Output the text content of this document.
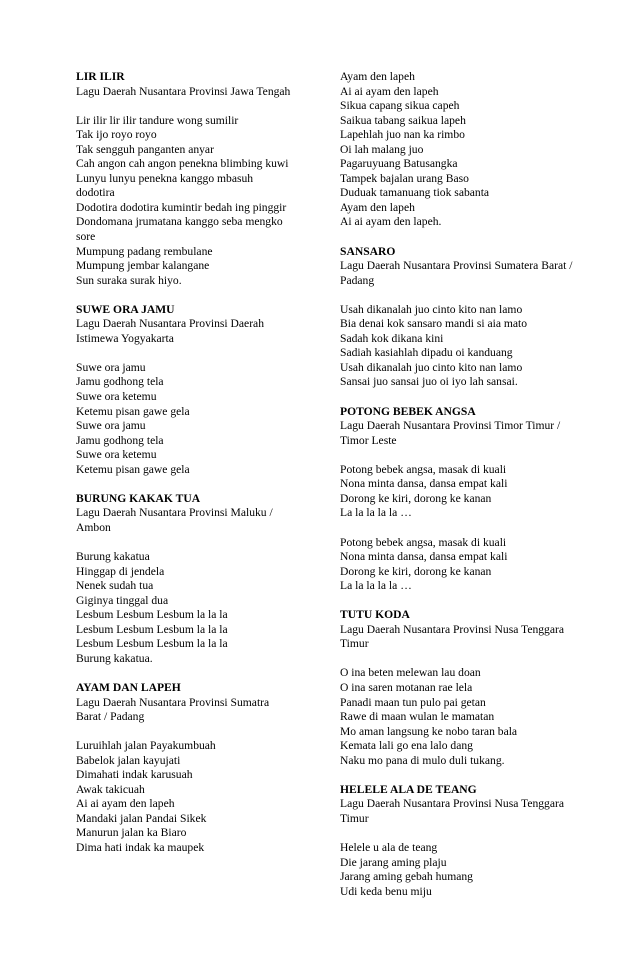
LIR ILIR
Lagu Daerah Nusantara Provinsi Jawa Tengah
Lir ilir lir ilir tandure wong sumilir
Tak ijo royo royo
Tak sengguh panganten anyar
Cah angon cah angon penekna blimbing kuwi
Lunyu lunyu penekna kanggo mbasuh dodotira
Dodotira dodotira kumintir bedah ing pinggir
Dondomana jrumatana kanggo seba mengko sore
Mumpung padang rembulane
Mumpung jembar kalangane
Sun suraka surak hiyo.
SUWE ORA JAMU
Lagu Daerah Nusantara Provinsi Daerah Istimewa Yogyakarta
Suwe ora jamu
Jamu godhong tela
Suwe ora ketemu
Ketemu pisan gawe gela
Suwe ora jamu
Jamu godhong tela
Suwe ora ketemu
Ketemu pisan gawe gela
BURUNG KAKAK TUA
Lagu Daerah Nusantara Provinsi Maluku / Ambon
Burung kakatua
Hinggap di jendela
Nenek sudah tua
Giginya tinggal dua
Lesbum Lesbum Lesbum la la la
Lesbum Lesbum Lesbum la la la
Lesbum Lesbum Lesbum la la la
Burung kakatua.
AYAM DAN LAPEH
Lagu Daerah Nusantara Provinsi Sumatra Barat / Padang
Luruihlah jalan Payakumbuah
Babelok jalan kayujati
Dimahati indak karusuah
Awak takicuah
Ai ai ayam den lapeh
Mandaki jalan Pandai Sikek
Manurun jalan ka Biaro
Dima hati indak ka maupek
Ayam den lapeh
Ai ai ayam den lapeh
Sikua capang sikua capeh
Saikua tabang saikua lapeh
Lapehlah juo nan ka rimbo
Oi lah malang juo
Pagaruyuang Batusangka
Tampek bajalan urang Baso
Duduak tamanuang tiok sabanta
Ayam den lapeh
Ai ai ayam den lapeh.
SANSARO
Lagu Daerah Nusantara Provinsi Sumatera Barat / Padang
Usah dikanalah juo cinto kito nan lamo
Bia denai kok sansaro mandi si aia mato
Sadah kok dikana kini
Sadiah kasiahlah dipadu oi kanduang
Usah dikanalah juo cinto kito nan lamo
Sansai juo sansai juo oi iyo lah sansai.
POTONG BEBEK ANGSA
Lagu Daerah Nusantara Provinsi Timor Timur / Timor Leste
Potong bebek angsa, masak di kuali
Nona minta dansa, dansa empat kali
Dorong ke kiri, dorong ke kanan
La la la la la …
Potong bebek angsa, masak di kuali
Nona minta dansa, dansa empat kali
Dorong ke kiri, dorong ke kanan
La la la la la …
TUTU KODA
Lagu Daerah Nusantara Provinsi Nusa Tenggara Timur
O ina beten melewan lau doan
O ina saren motanan rae lela
Panadi maan tun pulo pai getan
Rawe di maan wulan le mamatan
Mo aman langsung ke nobo taran bala
Kemata lali go ena lalo dang
Naku mo pana di mulo duli tukang.
HELELE ALA DE TEANG
Lagu Daerah Nusantara Provinsi Nusa Tenggara Timur
Helele u ala de teang
Die jarang aming plaju
Jarang aming gebah humang
Udi keda benu miju
